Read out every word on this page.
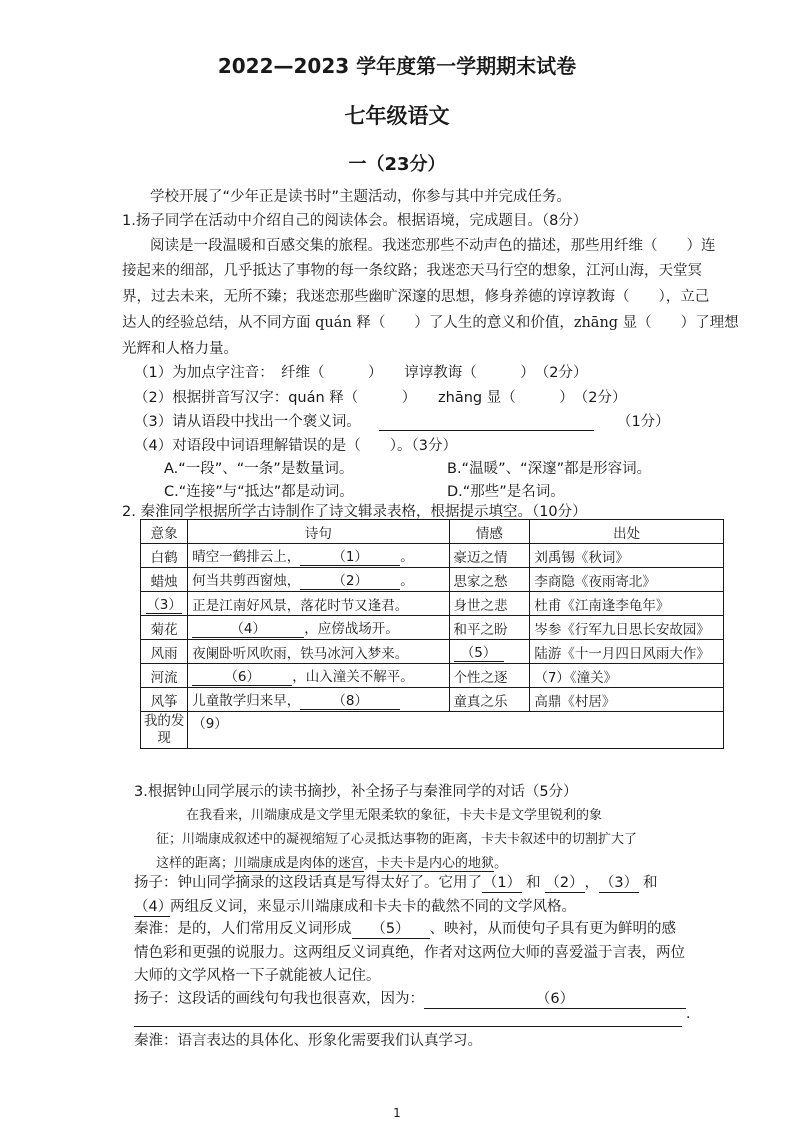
2022—2023 学年度第一学期期末试卷
七年级语文
一（23分）
学校开展了“少年正是读书时”主题活动，你参与其中并完成任务。
1.扬子同学在活动中介绍自己的阅读体会。根据语境，完成题目。（8分）
阅读是一段温暖和百感交集的旅程。我迷恋那些不动声色的描述，那些用纤维（　　）连
接起来的细部，几乎抵达了事物的每一条纹路；我迷恋天马行空的想象，江河山海，天堂冥
界，过去未来，无所不臻；我迷恋那些幽旷深邃的思想，修身养德的谆谆教诲（　　），立己
达人的经验总结，从不同方面 quán 释（　　）了人生的意义和价值，zhāng 显（　　）了理想
光辉和人格力量。
（1）为加点字注音：　纤维（　　　）　　谆谆教诲（　　　）　（2分）
（2）根据拼音写汉字：quán 释（　　　）　　zhāng 显（　　　）　（2分）
（3）请从语段中找出一个褒义词。	（1分）
（4）对语段中词语理解错误的是（　　）。（3分）
A.“一段”、“一条”是数量词。	B.“温暖”、“深邃”都是形容词。
C.“连接”与“抵达”都是动词。	D.“那些”是名词。
2. 秦淮同学根据所学古诗制作了诗文辑录表格，根据提示填空。（10分）
意象	诗句	情感	出处
白鹤	晴空一鹤排云上， （1） 。	豪迈之情	刘禹锡《秋词》
蜡烛	何当共剪西窗烛， （2） 。	思家之愁	李商隐《夜雨寄北》
（3）	正是江南好风景，落花时节又逢君。	身世之悲	杜甫《江南逢李龟年》
菊花	（4） ，应傍战场开。	和平之盼	岑参《行军九日思长安故园》
风雨	夜阑卧听风吹雨，铁马冰河入梦来。	（5）	陆游《十一月四日风雨大作》
河流	（6） ，山入潼关不解平。	个性之逐	（7）《潼关》
风筝	儿童散学归来早， （8）	童真之乐	高鼎《村居》
我的发现	（9）		
3.根据钟山同学展示的读书摘抄，补全扬子与秦淮同学的对话（5分）
在我看来，川端康成是文学里无限柔软的象征，卡夫卡是文学里锐利的象
征；川端康成叙述中的凝视缩短了心灵抵达事物的距离，卡夫卡叙述中的切割扩大了
这样的距离；川端康成是肉体的迷宫，卡夫卡是内心的地狱。
扬子：钟山同学摘录的这段话真是写得太好了。它用了（1） 和 （2），（3） 和
（4）两组反义词，来显示川端康成和卡夫卡的截然不同的文学风格。
秦淮：是的，人们常用反义词形成 （5） 、映衬，从而使句子具有更为鲜明的感
情色彩和更强的说服力。这两组反义词真绝，作者对这两位大师的喜爱溢于言表，两位
大师的文学风格一下子就能被人记住。
扬子：这段话的画线句句我也很喜欢，因为：	（6）
.
秦淮：语言表达的具体化、形象化需要我们认真学习。
1
